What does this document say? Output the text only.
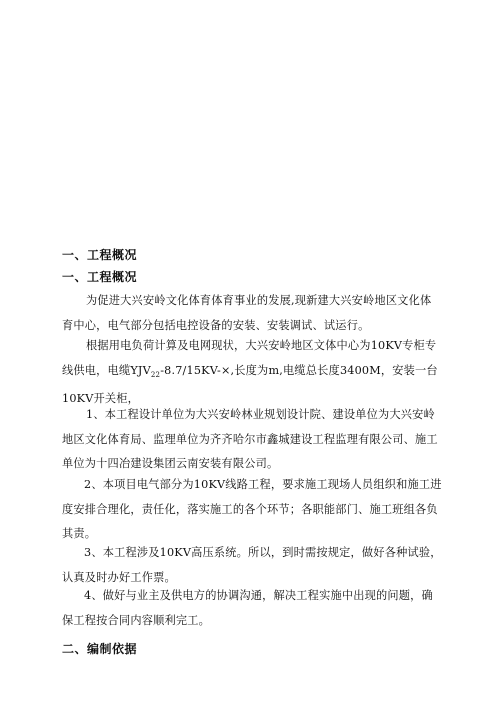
一、工程概况
一、工程概况
为促进大兴安岭文化体育体育事业的发展,现新建大兴安岭地区文化体
育中心，电气部分包括电控设备的安装、安装调试、试运行。
根据用电负荷计算及电网现状，大兴安岭地区文体中心为10KV专柜专
线供电，电缆$YJV_{22}-8.7/15KV-\times$,长度为m,电缆总长度3400M，安装一台
10KV开关柜，
1、本工程设计单位为大兴安岭林业规划设计院、建设单位为大兴安岭
地区文化体育局、监理单位为齐齐哈尔市鑫城建设工程监理有限公司、施工
单位为十四冶建设集团云南安装有限公司。
2、本项目电气部分为10KV线路工程，要求施工现场人员组织和施工进
度安排合理化，责任化，落实施工的各个环节；各职能部门、施工班组各负
其责。
3、本工程涉及10KV高压系统。所以，到时需按规定，做好各种试验，
认真及时办好工作票。
4、做好与业主及供电方的协调沟通，解决工程实施中出现的问题，确
保工程按合同内容顺利完工。
二、编制依据
